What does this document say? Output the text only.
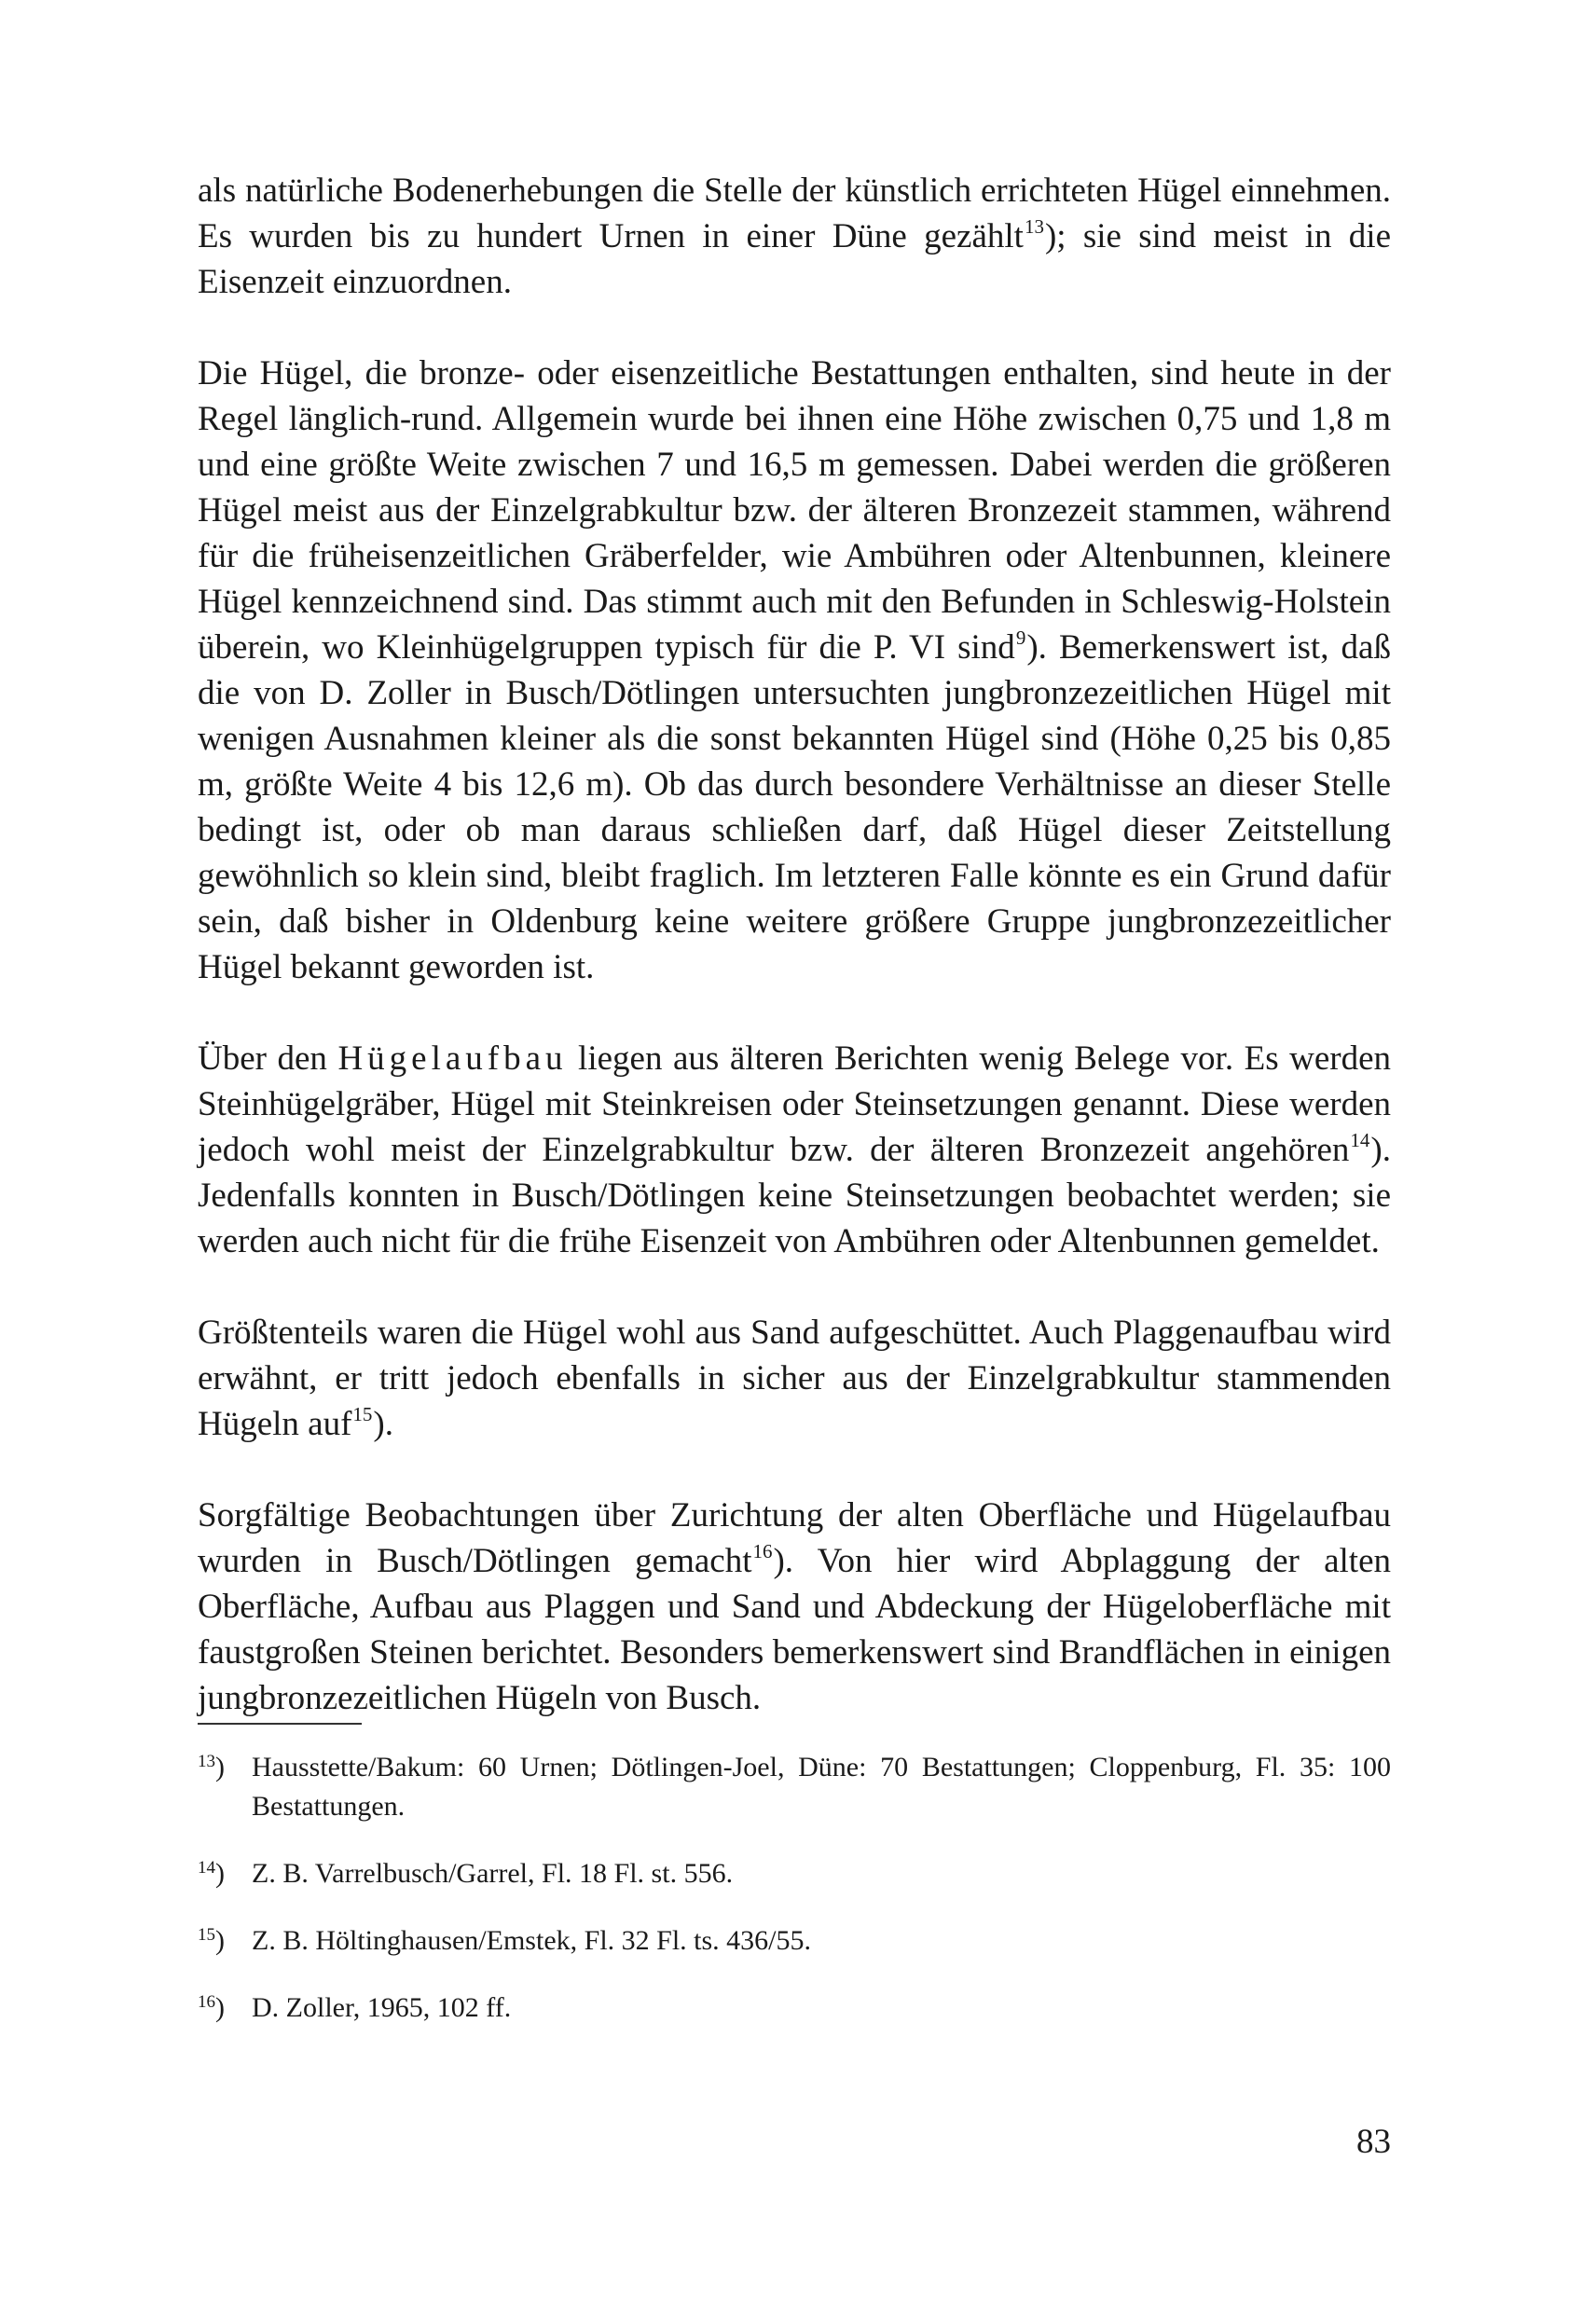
als natürliche Bodenerhebungen die Stelle der künstlich errichteten Hügel einnehmen. Es wurden bis zu hundert Urnen in einer Düne gezählt$^{13}$); sie sind meist in die Eisenzeit einzuordnen.

Die Hügel, die bronze- oder eisenzeitliche Bestattungen enthalten, sind heute in der Regel länglich-rund. Allgemein wurde bei ihnen eine Höhe zwischen 0,75 und 1,8 m und eine größte Weite zwischen 7 und 16,5 m gemessen. Dabei werden die größeren Hügel meist aus der Einzelgrabkultur bzw. der älteren Bronzezeit stammen, während für die früheisenzeitlichen Gräberfelder, wie Ambühren oder Altenbunnen, kleinere Hügel kennzeichnend sind. Das stimmt auch mit den Befunden in Schleswig-Holstein überein, wo Kleinhügelgruppen typisch für die P. VI sind$^9$). Bemerkenswert ist, daß die von D. Zoller in Busch/Dötlingen untersuchten jungbronzezeitlichen Hügel mit wenigen Ausnahmen kleiner als die sonst bekannten Hügel sind (Höhe 0,25 bis 0,85 m, größte Weite 4 bis 12,6 m). Ob das durch besondere Verhältnisse an dieser Stelle bedingt ist, oder ob man daraus schließen darf, daß Hügel dieser Zeitstellung gewöhnlich so klein sind, bleibt fraglich. Im letzteren Falle könnte es ein Grund dafür sein, daß bisher in Oldenburg keine weitere größere Gruppe jungbronzezeitlicher Hügel bekannt geworden ist.

Über den Hügelaufbau liegen aus älteren Berichten wenig Belege vor. Es werden Steinhügelgräber, Hügel mit Steinkreisen oder Steinsetzungen genannt. Diese werden jedoch wohl meist der Einzelgrabkultur bzw. der älteren Bronzezeit angehören$^{14}$). Jedenfalls konnten in Busch/Dötlingen keine Steinsetzungen beobachtet werden; sie werden auch nicht für die frühe Eisenzeit von Ambühren oder Altenbunnen gemeldet.

Größtenteils waren die Hügel wohl aus Sand aufgeschüttet. Auch Plaggenaufbau wird erwähnt, er tritt jedoch ebenfalls in sicher aus der Einzelgrabkultur stammenden Hügeln auf$^{15}$).

Sorgfältige Beobachtungen über Zurichtung der alten Oberfläche und Hügelaufbau wurden in Busch/Dötlingen gemacht$^{16}$). Von hier wird Abplaggung der alten Oberfläche, Aufbau aus Plaggen und Sand und Abdeckung der Hügeloberfläche mit faustgroßen Steinen berichtet. Besonders bemerkenswert sind Brandflächen in einigen jungbronzezeitlichen Hügeln von Busch.

$^{13}$) Hausstette/Bakum: 60 Urnen; Dötlingen-Joel, Düne: 70 Bestattungen; Cloppenburg, Fl. 35: 100 Bestattungen.
$^{14}$) Z. B. Varrelbusch/Garrel, Fl. 18 Fl. st. 556.
$^{15}$) Z. B. Höltinghausen/Emstek, Fl. 32 Fl. ts. 436/55.
$^{16}$) D. Zoller, 1965, 102 ff.
83
